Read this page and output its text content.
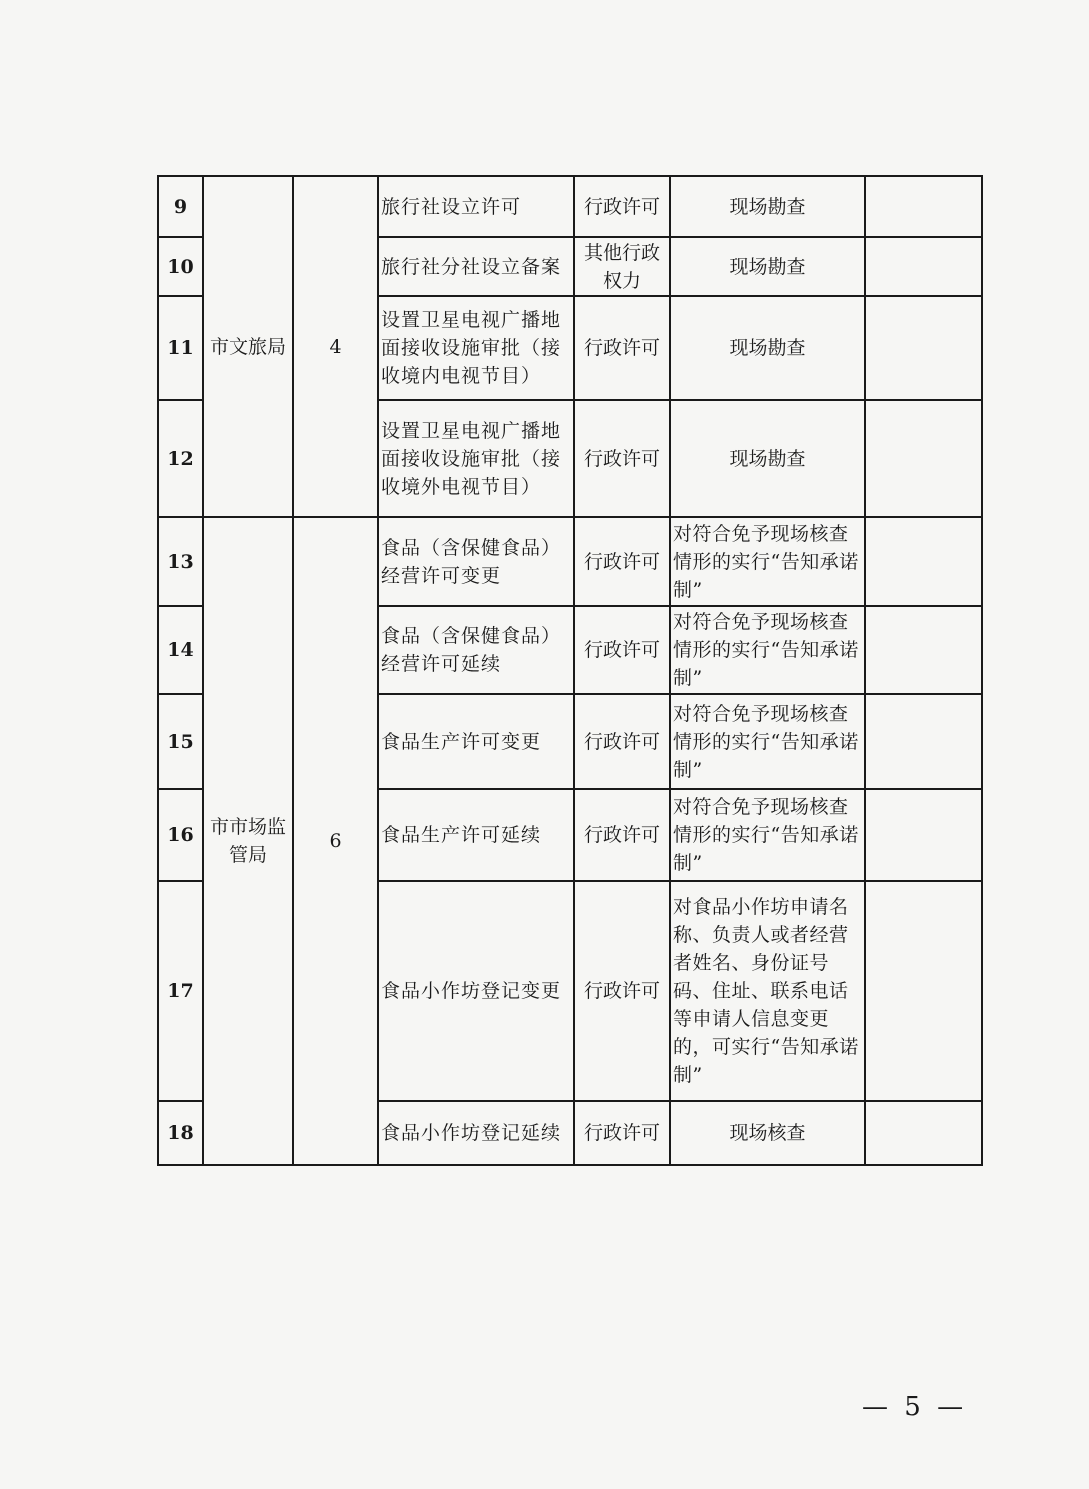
9	市文旅局	4	旅行社设立许可	行政许可	现场勘查	
10			旅行社分社设立备案	其他行政权力	现场勘查	
11			设置卫星电视广播地面接收设施审批（接收境内电视节目）	行政许可	现场勘查	
12			设置卫星电视广播地面接收设施审批（接收境外电视节目）	行政许可	现场勘查	
13	市市场监管局	6	食品（含保健食品）经营许可变更	行政许可	对符合免予现场核查情形的实行“告知承诺制”	
14			食品（含保健食品）经营许可延续	行政许可	对符合免予现场核查情形的实行“告知承诺制”	
15			食品生产许可变更	行政许可	对符合免予现场核查情形的实行“告知承诺制”	
16			食品生产许可延续	行政许可	对符合免予现场核查情形的实行“告知承诺制”	
17			食品小作坊登记变更	行政许可	对食品小作坊申请名称、负责人或者经营者姓名、身份证号码、住址、联系电话等申请人信息变更的，可实行“告知承诺制”	
18			食品小作坊登记延续	行政许可	现场核查	
— 5 —
